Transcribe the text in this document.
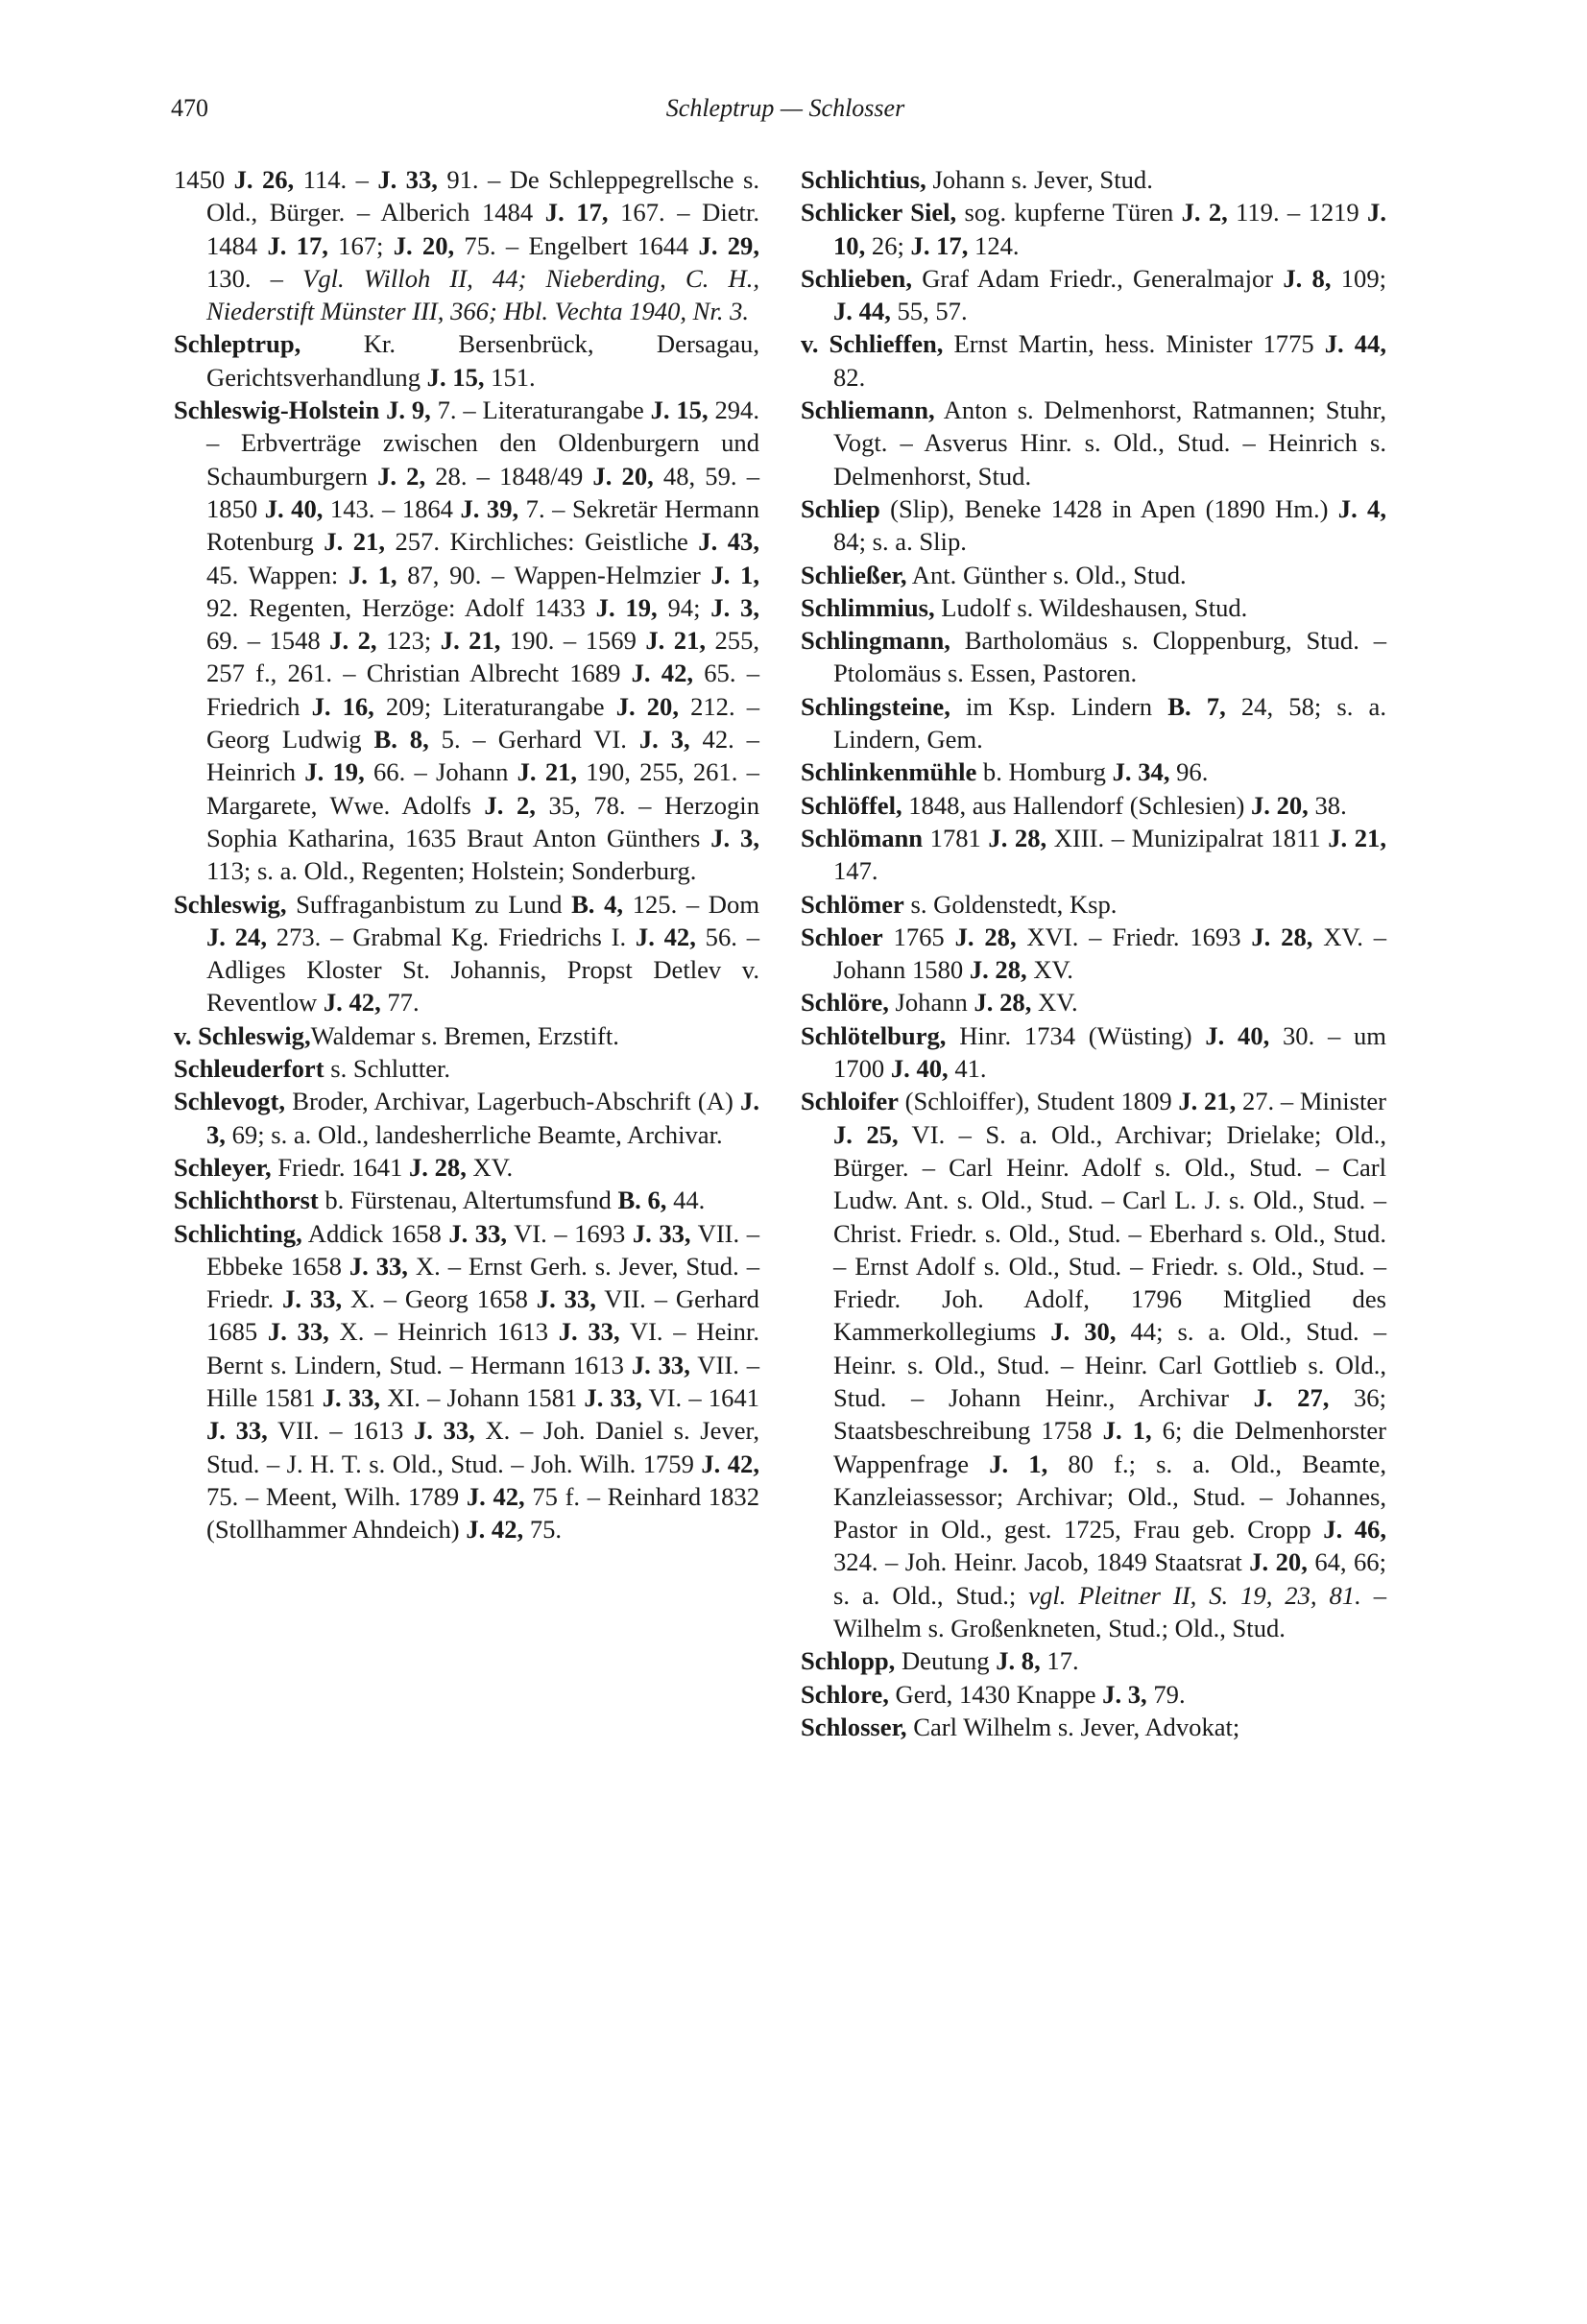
470	Schleptrup — Schlosser

1450 J. 26, 114. – J. 33, 91. – De Schleppegrellsche s. Old., Bürger. – Alberich 1484 J. 17, 167. – Dietr. 1484 J. 17, 167; J. 20, 75. – Engelbert 1644 J. 29, 130. – Vgl. Willoh II, 44; Nieberding, C. H., Niederstift Münster III, 366; Hbl. Vechta 1940, Nr. 3.

Schleptrup, Kr. Bersenbrück, Dersagau, Gerichtsverhandlung J. 15, 151.

Schleswig-Holstein J. 9, 7. – Literaturangabe J. 15, 294. – Erbverträge zwischen den Oldenburgern und Schaumburgern J. 2, 28. – 1848/49 J. 20, 48, 59. – 1850 J. 40, 143. – 1864 J. 39, 7. – Sekretär Hermann Rotenburg J. 21, 257. Kirchliches: Geistliche J. 43, 45. Wappen: J. 1, 87, 90. – Wappen-Helmzier J. 1, 92. Regenten, Herzöge: Adolf 1433 J. 19, 94; J. 3, 69. – 1548 J. 2, 123; J. 21, 190. – 1569 J. 21, 255, 257 f., 261. – Christian Albrecht 1689 J. 42, 65. – Friedrich J. 16, 209; Literaturangabe J. 20, 212. – Georg Ludwig B. 8, 5. – Gerhard VI. J. 3, 42. – Heinrich J. 19, 66. – Johann J. 21, 190, 255, 261. – Margarete, Wwe. Adolfs J. 2, 35, 78. – Herzogin Sophia Katharina, 1635 Braut Anton Günthers J. 3, 113; s. a. Old., Regenten; Holstein; Sonderburg.

Schleswig, Suffraganbistum zu Lund B. 4, 125. – Dom J. 24, 273. – Grabmal Kg. Friedrichs I. J. 42, 56. – Adliges Kloster St. Johannis, Propst Detlev v. Reventlow J. 42, 77.

v. Schleswig,Waldemar s. Bremen, Erzstift.

Schleuderfort s. Schlutter.

Schlevogt, Broder, Archivar, Lagerbuch-Abschrift (A) J. 3, 69; s. a. Old., landesherrliche Beamte, Archivar.

Schleyer, Friedr. 1641 J. 28, XV.

Schlichthorst b. Fürstenau, Altertumsfund B. 6, 44.

Schlichting, Addick 1658 J. 33, VI. – 1693 J. 33, VII. – Ebbeke 1658 J. 33, X. – Ernst Gerh. s. Jever, Stud. – Friedr. J. 33, X. – Georg 1658 J. 33, VII. – Gerhard 1685 J. 33, X. – Heinrich 1613 J. 33, VI. – Heinr. Bernt s. Lindern, Stud. – Hermann 1613 J. 33, VII. – Hille 1581 J. 33, XI. – Johann 1581 J. 33, VI. – 1641 J. 33, VII. – 1613 J. 33, X. – Joh. Daniel s. Jever, Stud. – J. H. T. s. Old., Stud. – Joh. Wilh. 1759 J. 42, 75. – Meent, Wilh. 1789 J. 42, 75 f. – Reinhard 1832 (Stollhammer Ahndeich) J. 42, 75.

Schlichtius, Johann s. Jever, Stud.

Schlicker Siel, sog. kupferne Türen J. 2, 119. – 1219 J. 10, 26; J. 17, 124.

Schlieben, Graf Adam Friedr., Generalmajor J. 8, 109; J. 44, 55, 57.

v. Schlieffen, Ernst Martin, hess. Minister 1775 J. 44, 82.

Schliemann, Anton s. Delmenhorst, Ratmannen; Stuhr, Vogt. – Asverus Hinr. s. Old., Stud. – Heinrich s. Delmenhorst, Stud.

Schliep (Slip), Beneke 1428 in Apen (1890 Hm.) J. 4, 84; s. a. Slip.

Schließer, Ant. Günther s. Old., Stud.

Schlimmius, Ludolf s. Wildeshausen, Stud.

Schlingmann, Bartholomäus s. Cloppenburg, Stud. – Ptolomäus s. Essen, Pastoren.

Schlingsteine, im Ksp. Lindern B. 7, 24, 58; s. a. Lindern, Gem.

Schlinkenmühle b. Homburg J. 34, 96.

Schlöffel, 1848, aus Hallendorf (Schlesien) J. 20, 38.

Schlömann 1781 J. 28, XIII. – Munizipalrat 1811 J. 21, 147.

Schlömer s. Goldenstedt, Ksp.

Schloer 1765 J. 28, XVI. – Friedr. 1693 J. 28, XV. – Johann 1580 J. 28, XV.

Schlöre, Johann J. 28, XV.

Schlötelburg, Hinr. 1734 (Wüsting) J. 40, 30. – um 1700 J. 40, 41.

Schloifer (Schloiffer), Student 1809 J. 21, 27. – Minister J. 25, VI. – S. a. Old., Archivar; Drielake; Old., Bürger. – Carl Heinr. Adolf s. Old., Stud. – Carl Ludw. Ant. s. Old., Stud. – Carl L. J. s. Old., Stud. – Christ. Friedr. s. Old., Stud. – Eberhard s. Old., Stud. – Ernst Adolf s. Old., Stud. – Friedr. s. Old., Stud. – Friedr. Joh. Adolf, 1796 Mitglied des Kammerkollegiums J. 30, 44; s. a. Old., Stud. – Heinr. s. Old., Stud. – Heinr. Carl Gottlieb s. Old., Stud. – Johann Heinr., Archivar J. 27, 36; Staatsbeschreibung 1758 J. 1, 6; die Delmenhorster Wappenfrage J. 1, 80 f.; s. a. Old., Beamte, Kanzleiassessor; Archivar; Old., Stud. – Johannes, Pastor in Old., gest. 1725, Frau geb. Cropp J. 46, 324. – Joh. Heinr. Jacob, 1849 Staatsrat J. 20, 64, 66; s. a. Old., Stud.; vgl. Pleitner II, S. 19, 23, 81. – Wilhelm s. Großenkneten, Stud.; Old., Stud.

Schlopp, Deutung J. 8, 17.

Schlore, Gerd, 1430 Knappe J. 3, 79.

Schlosser, Carl Wilhelm s. Jever, Advokat;
